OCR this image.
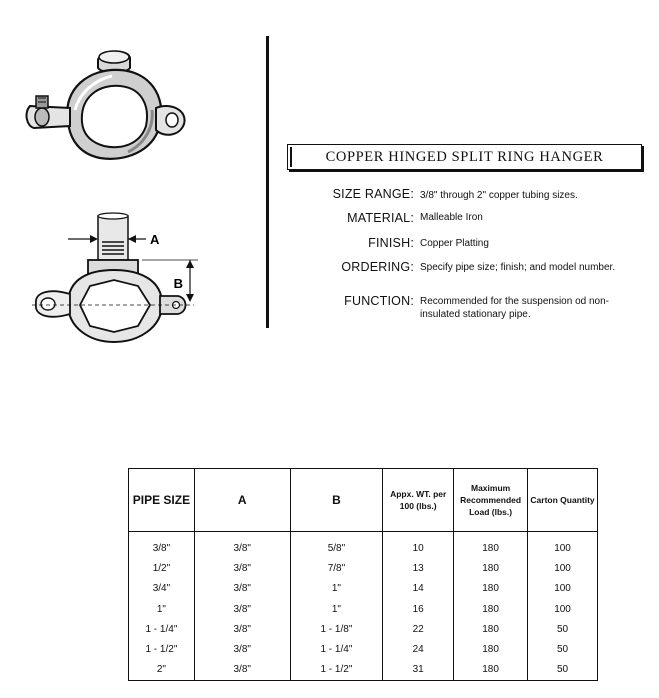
A
B
COPPER HINGED SPLIT RING HANGER
SIZE RANGE: 3/8" through 2" copper tubing sizes.
MATERIAL: Malleable Iron
FINISH: Copper Platting
ORDERING: Specify pipe size; finish; and model number.
FUNCTION: Recommended for the suspension od non-insulated stationary pipe.
PIPE SIZE	A	B	Appx. WT. per 100 (lbs.)	Maximum Recommended Load (lbs.)	Carton Quantity
3/8"	3/8"	5/8"	10	180	100
1/2"	3/8"	7/8"	13	180	100
3/4"	3/8"	1"	14	180	100
1"	3/8"	1"	16	180	100
1 - 1/4"	3/8"	1 - 1/8"	22	180	50
1 - 1/2"	3/8"	1 - 1/4"	24	180	50
2"	3/8"	1 - 1/2"	31	180	50
